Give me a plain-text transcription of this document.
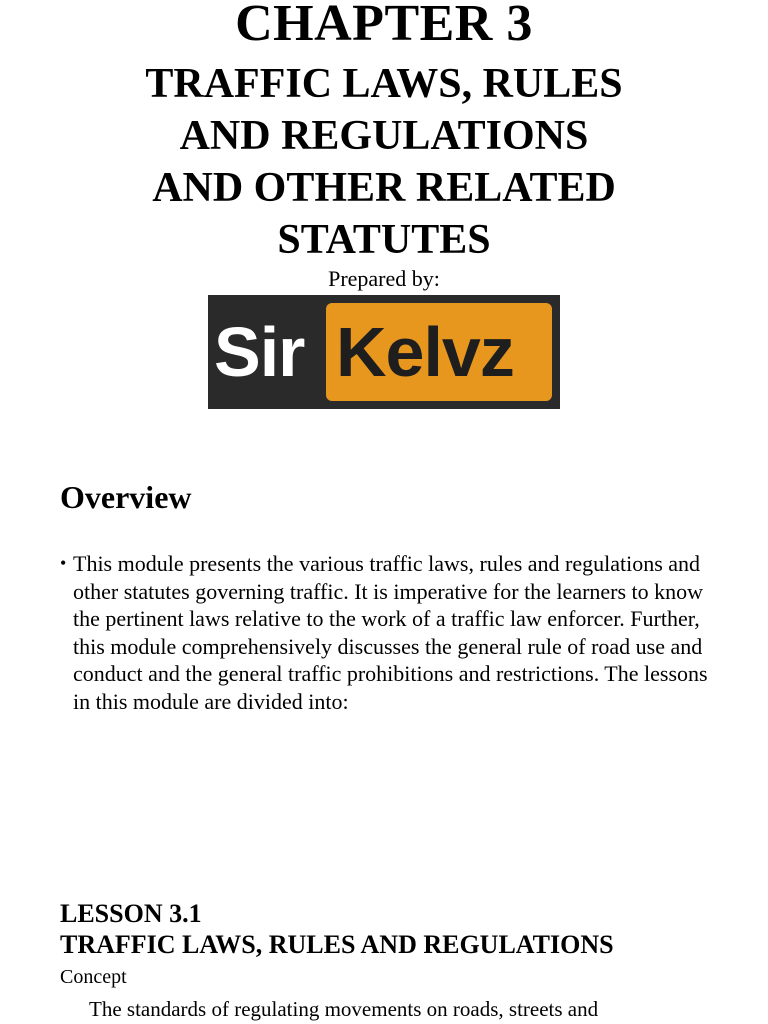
CHAPTER 3
TRAFFIC LAWS, RULES
AND REGULATIONS
AND OTHER RELATED
STATUTES
Prepared by:
Sir Kelvz
Overview
• This module presents the various traffic laws, rules and regulations and other statutes governing traffic. It is imperative for the learners to know the pertinent laws relative to the work of a traffic law enforcer. Further, this module comprehensively discusses the general rule of road use and conduct and the general traffic prohibitions and restrictions. The lessons in this module are divided into:
LESSON 3.1
TRAFFIC LAWS, RULES AND REGULATIONS
Concept
The standards of regulating movements on roads, streets and
